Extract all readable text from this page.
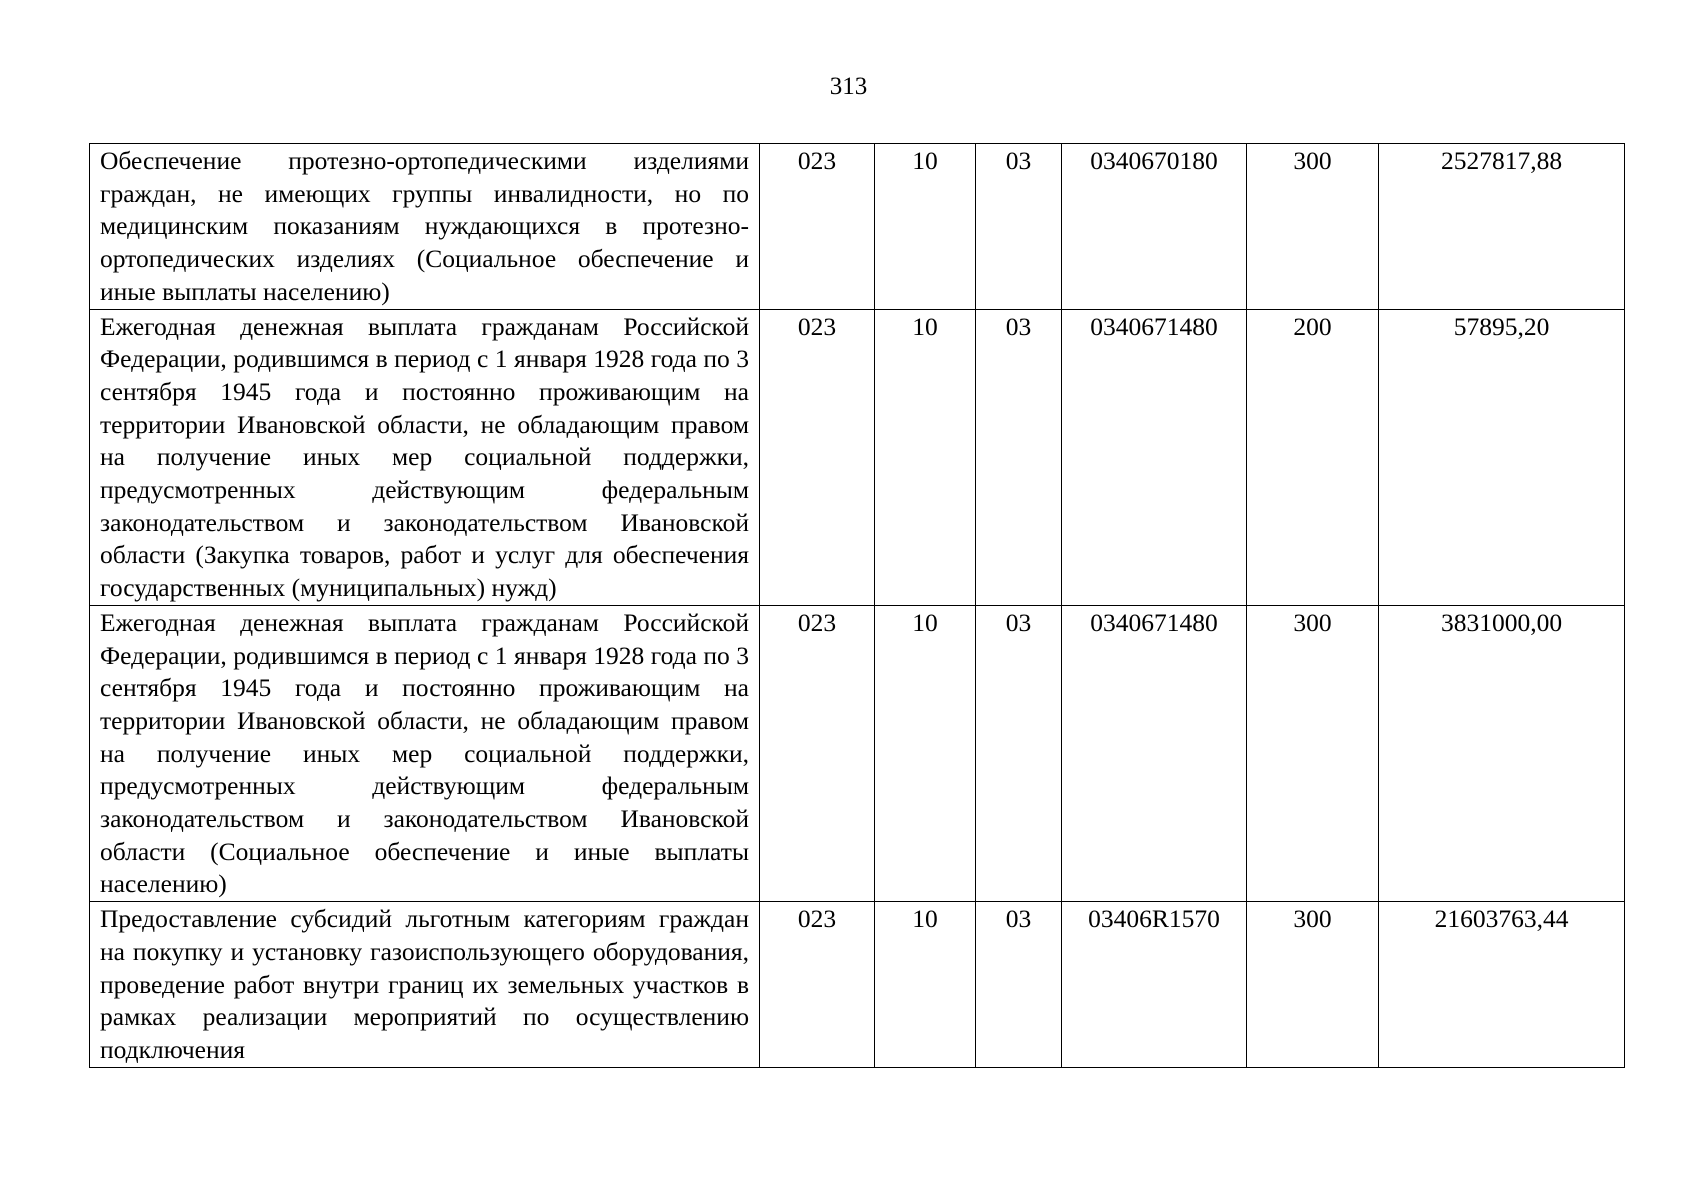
313
Обеспечение протезно-ортопедическими изделиями граждан, не имеющих группы инвалидности, но по медицинским показаниям нуждающихся в протезно-ортопедических изделиях (Социальное обеспечение и иные выплаты населению)	023	10	03	0340670180	300	2527817,88
Ежегодная денежная выплата гражданам Российской Федерации, родившимся в период с 1 января 1928 года по 3 сентября 1945 года и постоянно проживающим на территории Ивановской области, не обладающим правом на получение иных мер социальной поддержки, предусмотренных действующим федеральным законодательством и законодательством Ивановской области (Закупка товаров, работ и услуг для обеспечения государственных (муниципальных) нужд)	023	10	03	0340671480	200	57895,20
Ежегодная денежная выплата гражданам Российской Федерации, родившимся в период с 1 января 1928 года по 3 сентября 1945 года и постоянно проживающим на территории Ивановской области, не обладающим правом на получение иных мер социальной поддержки, предусмотренных действующим федеральным законодательством и законодательством Ивановской области (Социальное обеспечение и иные выплаты населению)	023	10	03	0340671480	300	3831000,00
Предоставление субсидий льготным категориям граждан на покупку и установку газоиспользующего оборудования, проведение работ внутри границ их земельных участков в рамках реализации мероприятий по осуществлению подключения	023	10	03	03406R1570	300	21603763,44
